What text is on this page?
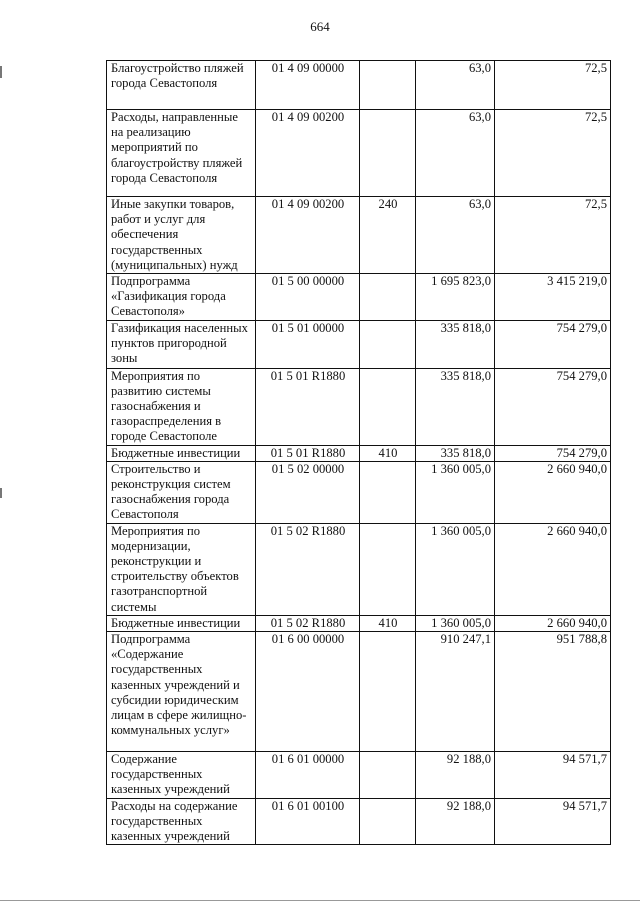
664
Благоустройство пляжей города Севастополя	01 4 09 00000		63,0	72,5
Расходы, направленные на реализацию мероприятий по благоустройству пляжей города Севастополя	01 4 09 00200		63,0	72,5
Иные закупки товаров, работ и услуг для обеспечения государственных (муниципальных) нужд	01 4 09 00200	240	63,0	72,5
Подпрограмма «Газификация города Севастополя»	01 5 00 00000		1 695 823,0	3 415 219,0
Газификация населенных пунктов пригородной зоны	01 5 01 00000		335 818,0	754 279,0
Мероприятия по развитию системы газоснабжения и газораспределения в городе Севастополе	01 5 01 R1880		335 818,0	754 279,0
Бюджетные инвестиции	01 5 01 R1880	410	335 818,0	754 279,0
Строительство и реконструкция систем газоснабжения города Севастополя	01 5 02 00000		1 360 005,0	2 660 940,0
Мероприятия по модернизации, реконструкции и строительству объектов газотранспортной системы	01 5 02 R1880		1 360 005,0	2 660 940,0
Бюджетные инвестиции	01 5 02 R1880	410	1 360 005,0	2 660 940,0
Подпрограмма «Содержание государственных казенных учреждений и субсидии юридическим лицам в сфере жилищно-коммунальных услуг»	01 6 00 00000		910 247,1	951 788,8
Содержание государственных казенных учреждений	01 6 01 00000		92 188,0	94 571,7
Расходы на содержание государственных казенных учреждений	01 6 01 00100		92 188,0	94 571,7
